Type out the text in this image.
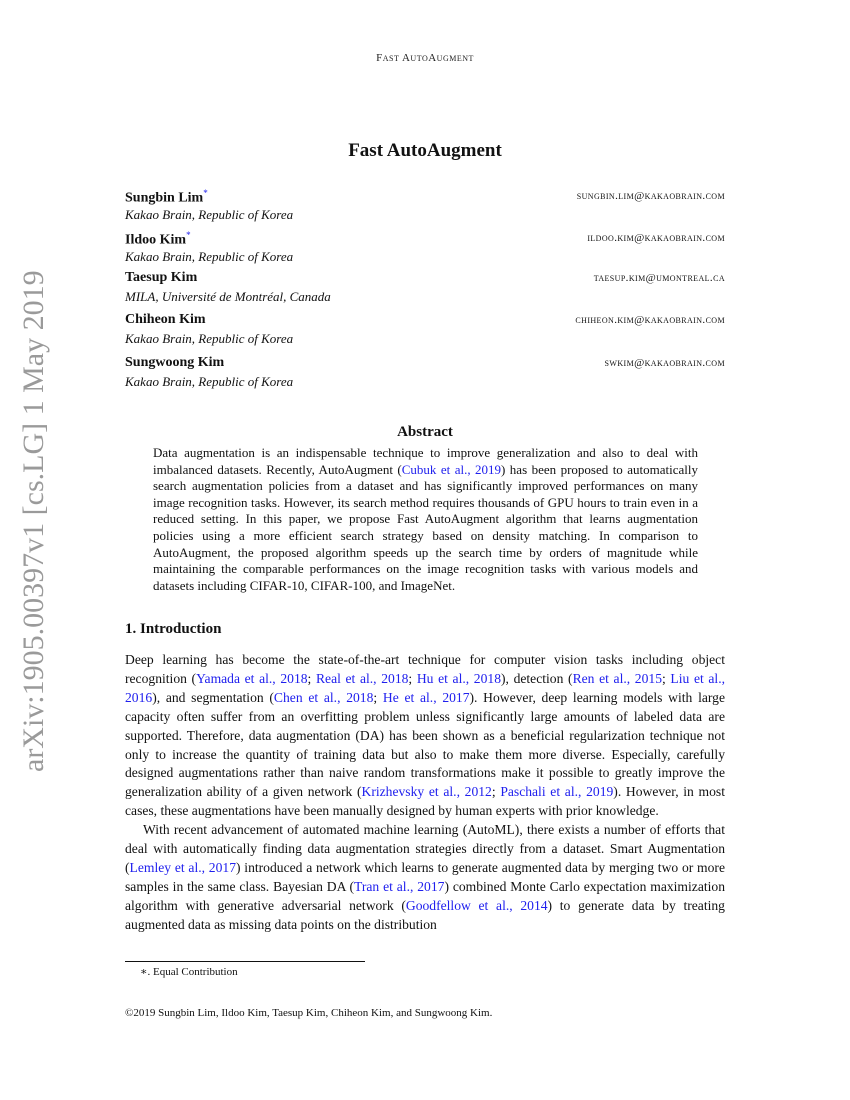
Fast AutoAugment
arXiv:1905.00397v1 [cs.LG] 1 May 2019
Fast AutoAugment
Sungbin Lim*
Kakao Brain, Republic of Korea
sungbin.lim@kakaobrain.com
Ildoo Kim*
Kakao Brain, Republic of Korea
ildoo.kim@kakaobrain.com
Taesup Kim
MILA, Université de Montréal, Canada
taesup.kim@umontreal.ca
Chiheon Kim
Kakao Brain, Republic of Korea
chiheon.kim@kakaobrain.com
Sungwoong Kim
Kakao Brain, Republic of Korea
swkim@kakaobrain.com
Abstract
Data augmentation is an indispensable technique to improve generalization and also to deal with imbalanced datasets. Recently, AutoAugment (Cubuk et al., 2019) has been proposed to automatically search augmentation policies from a dataset and has significantly improved performances on many image recognition tasks. However, its search method requires thousands of GPU hours to train even in a reduced setting. In this paper, we propose Fast AutoAugment algorithm that learns augmentation policies using a more efficient search strategy based on density matching. In comparison to AutoAugment, the proposed algorithm speeds up the search time by orders of magnitude while maintaining the comparable performances on the image recognition tasks with various models and datasets including CIFAR-10, CIFAR-100, and ImageNet.
1. Introduction

Deep learning has become the state-of-the-art technique for computer vision tasks including object recognition (Yamada et al., 2018; Real et al., 2018; Hu et al., 2018), detection (Ren et al., 2015; Liu et al., 2016), and segmentation (Chen et al., 2018; He et al., 2017). However, deep learning models with large capacity often suffer from an overfitting problem unless significantly large amounts of labeled data are supported. Therefore, data augmentation (DA) has been shown as a beneficial regularization technique not only to increase the quantity of training data but also to make them more diverse. Especially, carefully designed augmentations rather than naive random transformations make it possible to greatly improve the generalization ability of a given network (Krizhevsky et al., 2012; Paschali et al., 2019). However, in most cases, these augmentations have been manually designed by human experts with prior knowledge.

With recent advancement of automated machine learning (AutoML), there exists a number of efforts that deal with automatically finding data augmentation strategies directly from a dataset. Smart Augmentation (Lemley et al., 2017) introduced a network which learns to generate augmented data by merging two or more samples in the same class. Bayesian DA (Tran et al., 2017) combined Monte Carlo expectation maximization algorithm with generative adversarial network (Goodfellow et al., 2014) to generate data by treating augmented data as missing data points on the distribution

∗. Equal Contribution
©2019 Sungbin Lim, Ildoo Kim, Taesup Kim, Chiheon Kim, and Sungwoong Kim.
